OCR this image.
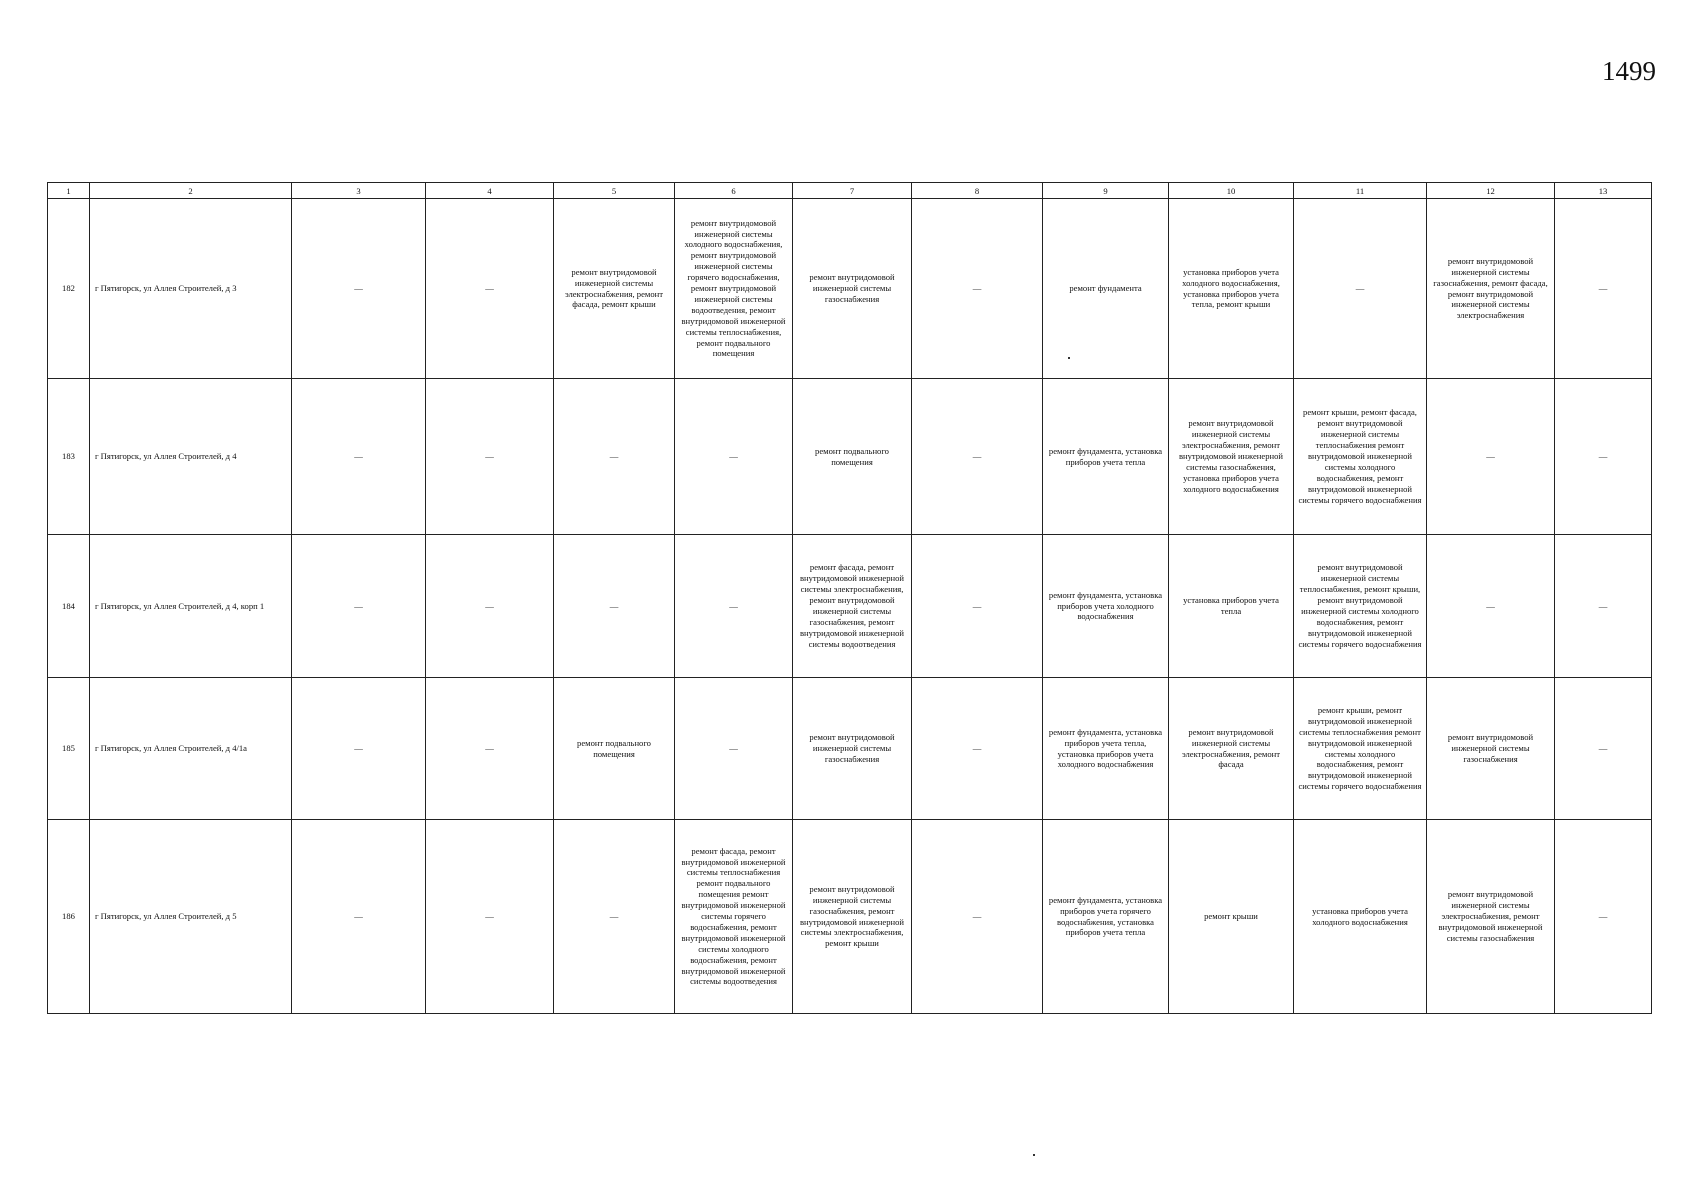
1499
1	2	3	4	5	6	7	8	9	10	11	12	13
182	г Пятигорск, ул Аллея Строителей, д 3	—	—	ремонт внутридомовой инженерной системы электроснабжения, ремонт фасада, ремонт крыши	ремонт внутридомовой инженерной системы холодного водоснабжения, ремонт внутридомовой инженерной системы горячего водоснабжения, ремонт внутридомовой инженерной системы водоотведения, ремонт внутридомовой инженерной системы теплоснабжения, ремонт подвального помещения	ремонт внутридомовой инженерной системы газоснабжения	—	ремонт фундамента	установка приборов учета холодного водоснабжения, установка приборов учета тепла, ремонт крыши	—	ремонт внутридомовой инженерной системы газоснабжения, ремонт фасада, ремонт внутридомовой инженерной системы электроснабжения	—
183	г Пятигорск, ул Аллея Строителей, д 4	—	—	—	—	ремонт подвального помещения	—	ремонт фундамента, установка приборов учета тепла	ремонт внутридомовой инженерной системы электроснабжения, ремонт внутридомовой инженерной системы газоснабжения, установка приборов учета холодного водоснабжения	ремонт крыши, ремонт фасада, ремонт внутридомовой инженерной системы теплоснабжения ремонт внутридомовой инженерной системы холодного водоснабжения, ремонт внутридомовой инженерной системы горячего водоснабжения	—	—
184	г Пятигорск, ул Аллея Строителей, д 4, корп 1	—	—	—	—	ремонт фасада, ремонт внутридомовой инженерной системы электроснабжения, ремонт внутридомовой инженерной системы газоснабжения, ремонт внутридомовой инженерной системы водоотведения	—	ремонт фундамента, установка приборов учета холодного водоснабжения	установка приборов учета тепла	ремонт внутридомовой инженерной системы теплоснабжения, ремонт крыши, ремонт внутридомовой инженерной системы холодного водоснабжения, ремонт внутридомовой инженерной системы горячего водоснабжения	—	—
185	г Пятигорск, ул Аллея Строителей, д 4/1а	—	—	ремонт подвального помещения	—	ремонт внутридомовой инженерной системы газоснабжения	—	ремонт фундамента, установка приборов учета тепла, установка приборов учета холодного водоснабжения	ремонт внутридомовой инженерной системы электроснабжения, ремонт фасада	ремонт крыши, ремонт внутридомовой инженерной системы теплоснабжения ремонт внутридомовой инженерной системы холодного водоснабжения, ремонт внутридомовой инженерной системы горячего водоснабжения	ремонт внутридомовой инженерной системы газоснабжения	—
186	г Пятигорск, ул Аллея Строителей, д 5	—	—	—	ремонт фасада, ремонт внутридомовой инженерной системы теплоснабжения ремонт подвального помещения ремонт внутридомовой инженерной системы горячего водоснабжения, ремонт внутридомовой инженерной системы холодного водоснабжения, ремонт внутридомовой инженерной системы водоотведения	ремонт внутридомовой инженерной системы газоснабжения, ремонт внутридомовой инженерной системы электроснабжения, ремонт крыши	—	ремонт фундамента, установка приборов учета горячего водоснабжения, установка приборов учета тепла	ремонт крыши	установка приборов учета холодного водоснабжения	ремонт внутридомовой инженерной системы электроснабжения, ремонт внутридомовой инженерной системы газоснабжения	—
